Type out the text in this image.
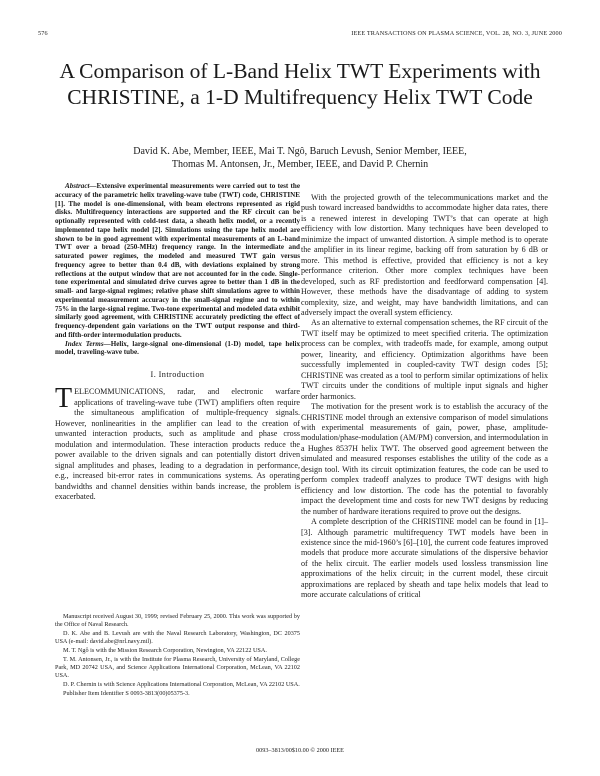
576	IEEE TRANSACTIONS ON PLASMA SCIENCE, VOL. 28, NO. 3, JUNE 2000
A Comparison of L-Band Helix TWT Experiments with CHRISTINE, a 1-D Multifrequency Helix TWT Code
David K. Abe, Member, IEEE, Mai T. Ngô, Baruch Levush, Senior Member, IEEE,
Thomas M. Antonsen, Jr., Member, IEEE, and David P. Chernin

Abstract—Extensive experimental measurements were carried out to test the accuracy of the parametric helix traveling-wave tube (TWT) code, CHRISTINE [1]. The model is one-dimensional, with beam electrons represented as rigid disks. Multifrequency interactions are supported and the RF circuit can be optionally represented with cold-test data, a sheath helix model, or a recently implemented tape helix model [2]. Simulations using the tape helix model are shown to be in good agreement with experimental measurements of an L-band TWT over a broad (250-MHz) frequency range. In the intermediate and saturated power regimes, the modeled and measured TWT gain versus frequency agree to better than 0.4 dB, with deviations explained by strong reflections at the output window that are not accounted for in the code. Single-tone experimental and simulated drive curves agree to better than 1 dB in the small- and large-signal regimes; relative phase shift simulations agree to within experimental measurement accuracy in the small-signal regime and to within 75% in the large-signal regime. Two-tone experimental and modeled data exhibit similarly good agreement, with CHRISTINE accurately predicting the effect of frequency-dependent gain variations on the TWT output response and third- and fifth-order intermodulation products.

Index Terms—Helix, large-signal one-dimensional (1-D) model, tape helix model, traveling-wave tube.

I. Introduction

TELECOMMUNICATIONS, radar, and electronic warfare applications of traveling-wave tube (TWT) amplifiers often require the simultaneous amplification of multiple-frequency signals. However, nonlinearities in the amplifier can lead to the creation of unwanted interaction products, such as amplitude and phase cross modulation and intermodulation. These interaction products reduce the power available to the driven signals and can potentially distort driven signal amplitudes and phases, leading to a degradation in performance, e.g., increased bit-error rates in communications systems. As operating bandwidths and channel densities within bands increase, the problem is exacerbated.

Manuscript received August 30, 1999; revised February 25, 2000. This work was supported by the Office of Naval Research.

D. K. Abe and B. Levush are with the Naval Research Laboratory, Washington, DC 20375 USA (e-mail: david.abe@nrl.navy.mil).

M. T. Ngô is with the Mission Research Corporation, Newington, VA 22122 USA.

T. M. Antonsen, Jr., is with the Institute for Plasma Research, University of Maryland, College Park, MD 20742 USA, and Science Applications International Corporation, McLean, VA 22102 USA.

D. P. Chernin is with Science Applications International Corporation, McLean, VA 22102 USA.

Publisher Item Identifier S 0093-3813(00)05375-3.

With the projected growth of the telecommunications market and the push toward increased bandwidths to accommodate higher data rates, there is a renewed interest in developing TWT’s that can operate at high efficiency with low distortion. Many techniques have been developed to minimize the impact of unwanted distortion. A simple method is to operate the amplifier in its linear regime, backing off from saturation by 6 dB or more. This method is effective, provided that efficiency is not a key performance criterion. Other more complex techniques have been developed, such as RF predistortion and feedforward compensation [4]. However, these methods have the disadvantage of adding to system complexity, size, and weight, may have bandwidth limitations, and can adversely impact the overall system efficiency.

As an alternative to external compensation schemes, the RF circuit of the TWT itself may be optimized to meet specified criteria. The optimization process can be complex, with tradeoffs made, for example, among output power, linearity, and efficiency. Optimization algorithms have been successfully implemented in coupled-cavity TWT design codes [5]; CHRISTINE was created as a tool to perform similar optimizations of helix TWT circuits under the conditions of multiple input signals and higher order harmonics.

The motivation for the present work is to establish the accuracy of the CHRISTINE model through an extensive comparison of model simulations with experimental measurements of gain, power, phase, amplitude-modulation/phase-modulation (AM/PM) conversion, and intermodulation in a Hughes 8537H helix TWT. The observed good agreement between the simulated and measured responses establishes the utility of the code as a design tool. With its circuit optimization features, the code can be used to perform complex tradeoff analyzes to produce TWT designs with high efficiency and low distortion. The code has the potential to favorably impact the development time and costs for new TWT designs by reducing the number of hardware iterations required to prove out the designs.

A complete description of the CHRISTINE model can be found in [1]–[3]. Although parametric multifrequency TWT models have been in existence since the mid-1960’s [6]–[10], the current code features improved models that produce more accurate simulations of the dispersive behavior of the helix circuit. The earlier models used lossless transmission line approximations of the helix circuit; in the current model, these circuit approximations are replaced by sheath and tape helix models that lead to more accurate calculations of critical

0093–3813/00$10.00 © 2000 IEEE
